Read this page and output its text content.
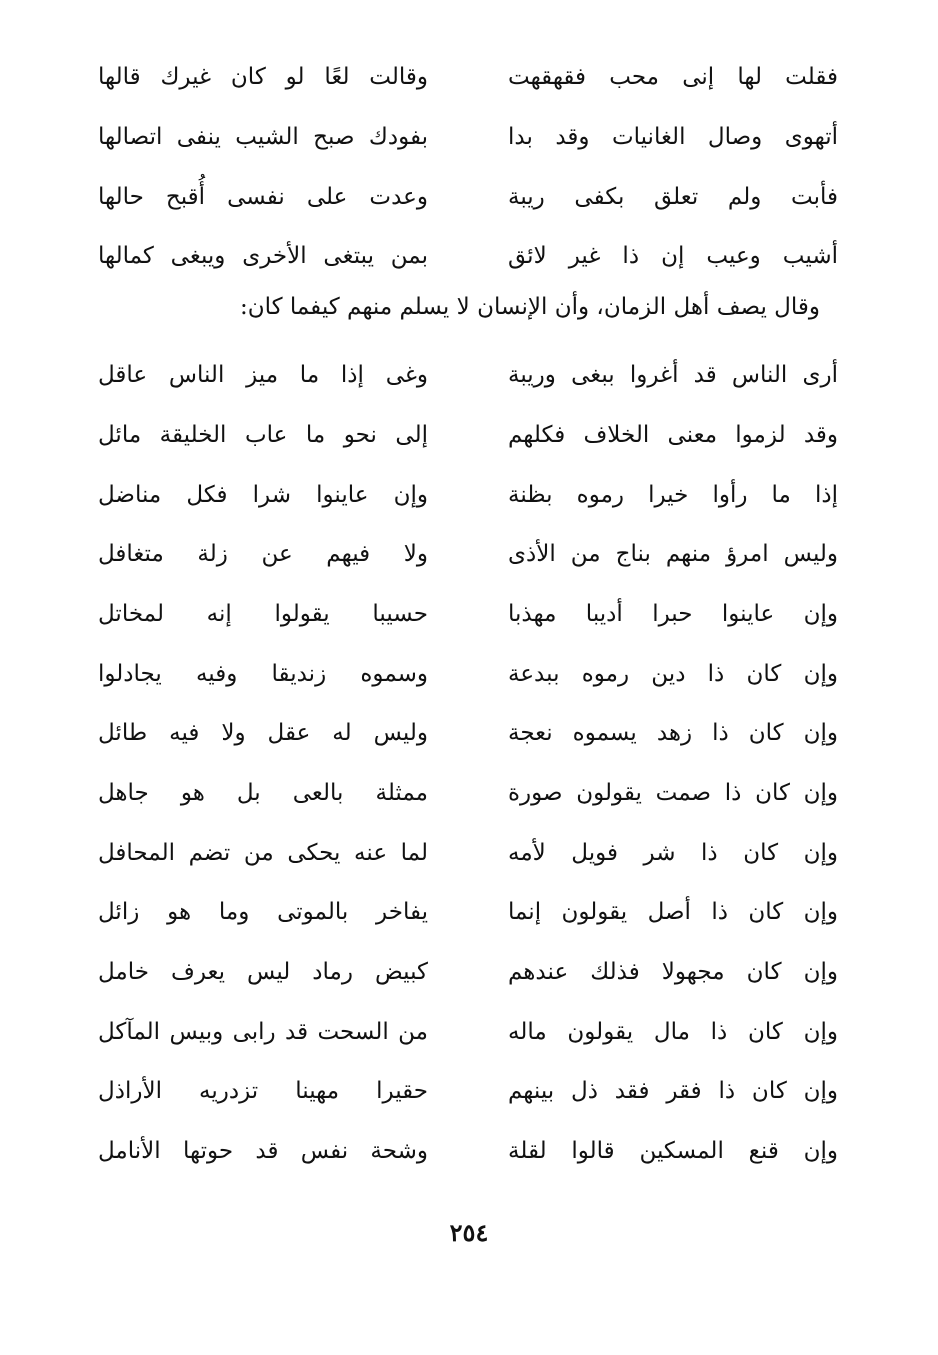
فقلت لها إنى محب فقهقهت
وقالت لعًا لو كان غيرك قالها
أتهوى وصال الغانيات وقد بدا
بفودك صبح الشيب ينفى اتصالها
فأبت ولم تعلق بكفى ريبة
وعدت على نفسى أُقبح حالها
أشيب وعيب إن ذا غير لائق
بمن يبتغى الأخرى ويبغى كمالها
وقال يصف أهل الزمان، وأن الإنسان لا يسلم منهم كيفما كان:
أرى الناس قد أغروا ببغى وريبة
وغى إذا ما ميز الناس عاقل
وقد لزموا معنى الخلاف فكلهم
إلى نحو ما عاب الخليقة مائل
إذا ما رأوا خيرا رموه بظنة
وإن عاينوا شرا فكل مناضل
وليس امرؤ منهم بناج من الأذى
ولا فيهم عن زلة متغافل
وإن عاينوا حبرا أديبا مهذبا
حسيبا يقولوا إنه لمخاتل
وإن كان ذا دين رموه ببدعة
وسموه زنديقا وفيه يجادلوا
وإن كان ذا زهد يسموه نعجة
وليس له عقل ولا فيه طائل
وإن كان ذا صمت يقولون صورة
ممثلة بالعى بل هو جاهل
وإن كان ذا شر فويل لأمه
لما عنه يحكى من تضم المحافل
وإن كان ذا أصل يقولون إنما
يفاخر بالموتى وما هو زائل
وإن كان مجهولا فذلك عندهم
كبيض رماد ليس يعرف خامل
وإن كان ذا مال يقولون ماله
من السحت قد رابى وبيس المآكل
وإن كان ذا فقر فقد ذل بينهم
حقيرا مهينا تزدريه الأراذل
وإن قنع المسكين قالوا لقلة
وشحة نفس قد حوتها الأنامل
٢٥٤
